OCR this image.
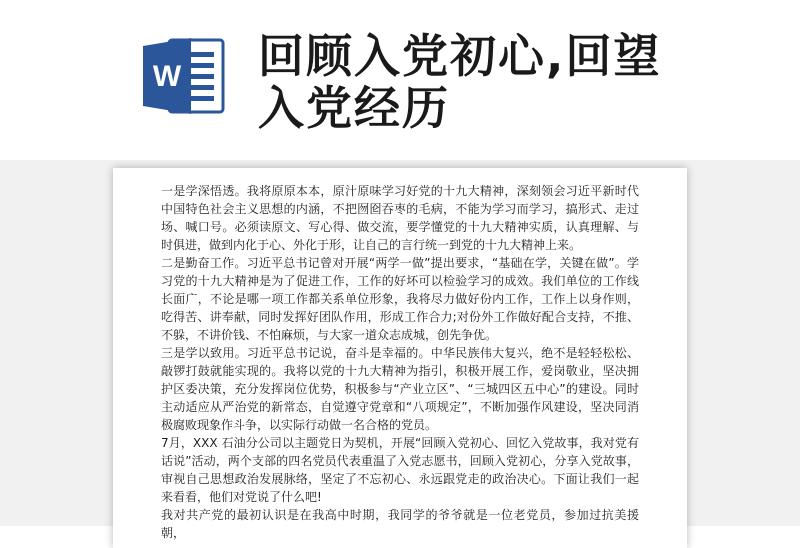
W 回顾入党初心,回望
入党经历

一是学深悟透。我将原原本本，原汁原味学习好党的十九大精神，深刻领会习近平新时代中国特色社会主义思想的内涵，不把囫囵吞枣的毛病，不能为学习而学习，搞形式、走过场、喊口号。必须读原文、写心得、做交流，要学懂党的十九大精神实质，认真理解、与时俱进，做到内化于心、外化于形，让自己的言行统一到党的十九大精神上来。

二是勤奋工作。习近平总书记曾对开展“两学一做”提出要求，“基础在学，关键在做”。学习党的十九大精神是为了促进工作，工作的好坏可以检验学习的成效。我们单位的工作线长面广，不论是哪一项工作都关系单位形象，我将尽力做好份内工作，工作上以身作则，吃得苦、讲奉献，同时发挥好团队作用，形成工作合力;对份外工作做好配合支持，不推、不躲，不讲价钱、不怕麻烦，与大家一道众志成城，创先争优。

三是学以致用。习近平总书记说，奋斗是幸福的。中华民族伟大复兴，绝不是轻轻松松、敲锣打鼓就能实现的。我将以党的十九大精神为指引，积极开展工作，爱岗敬业，坚决拥护区委决策，充分发挥岗位优势，积极参与“产业立区”、“三城四区五中心”的建设。同时主动适应从严治党的新常态，自觉遵守党章和“八项规定”，不断加强作风建设，坚决同消极腐败现象作斗争，以实际行动做一名合格的党员。

7月，XXX 石油分公司以主题党日为契机，开展“回顾入党初心、回忆入党故事，我对党有话说”活动，两个支部的四名党员代表重温了入党志愿书，回顾入党初心，分享入党故事，审视自己思想政治发展脉络，坚定了不忘初心、永远跟党走的政治决心。下面让我们一起来看看，他们对党说了什么吧!

我对共产党的最初认识是在我高中时期，我同学的爷爷就是一位老党员，参加过抗美援朝，
